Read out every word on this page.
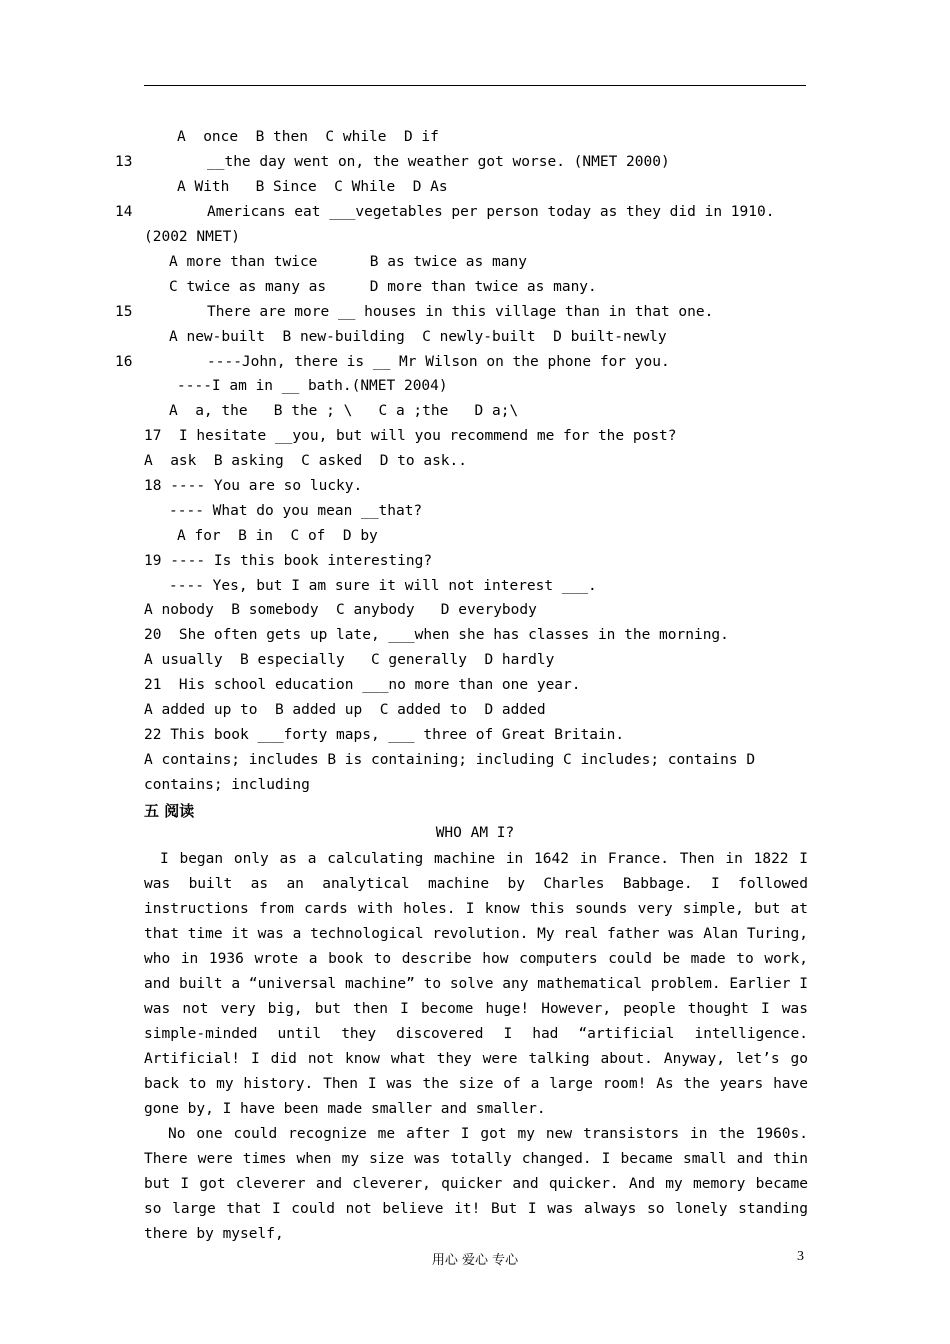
A  once  B then  C while  D if
13	__the day went on, the weather got worse. (NMET 2000)
A With   B Since  C While  D As
14	Americans eat ___vegetables per person today as they did in 1910.
(2002 NMET)
A more than twice      B as twice as many
C twice as many as     D more than twice as many.
15	There are more __ houses in this village than in that one.
A new-built  B new-building  C newly-built  D built-newly
16	----John, there is __ Mr Wilson on the phone for you.
----I am in __ bath.(NMET 2004)
A  a, the   B the ; \   C a ;the   D a;\
17  I hesitate __you, but will you recommend me for the post?
A  ask  B asking  C asked  D to ask..
18 ---- You are so lucky.
---- What do you mean __that?
A for  B in  C of  D by
19 ---- Is this book interesting?
---- Yes, but I am sure it will not interest ___.
A nobody  B somebody  C anybody   D everybody
20  She often gets up late, ___when she has classes in the morning.
A usually  B especially   C generally  D hardly
21  His school education ___no more than one year.
A added up to  B added up  C added to  D added
22 This book ___forty maps, ___ three of Great Britain.
A contains; includes B is containing; including C includes; contains D
contains; including
五 阅读
WHO AM I?
I began only as a calculating machine in 1642 in France. Then in 1822 I was built as an analytical machine by Charles Babbage. I followed instructions from cards with holes. I know this sounds very simple, but at that time it was a technological revolution. My real father was Alan Turing, who in 1936 wrote a book to describe how computers could be made to work, and built a “universal machine” to solve any mathematical problem. Earlier I was not very big, but then I become huge! However, people thought I was simple-minded until they discovered I had “artificial intelligence. Artificial! I did not know what they were talking about. Anyway, let’s go back to my history. Then I was the size of a large room! As the years have gone by, I have been made smaller and smaller.
No one could recognize me after I got my new transistors in the 1960s. There were times when my size was totally changed. I became small and thin but I got cleverer and cleverer, quicker and quicker. And my memory became so large that I could not believe it! But I was always so lonely standing there by myself,
用心 爱心 专心	3
